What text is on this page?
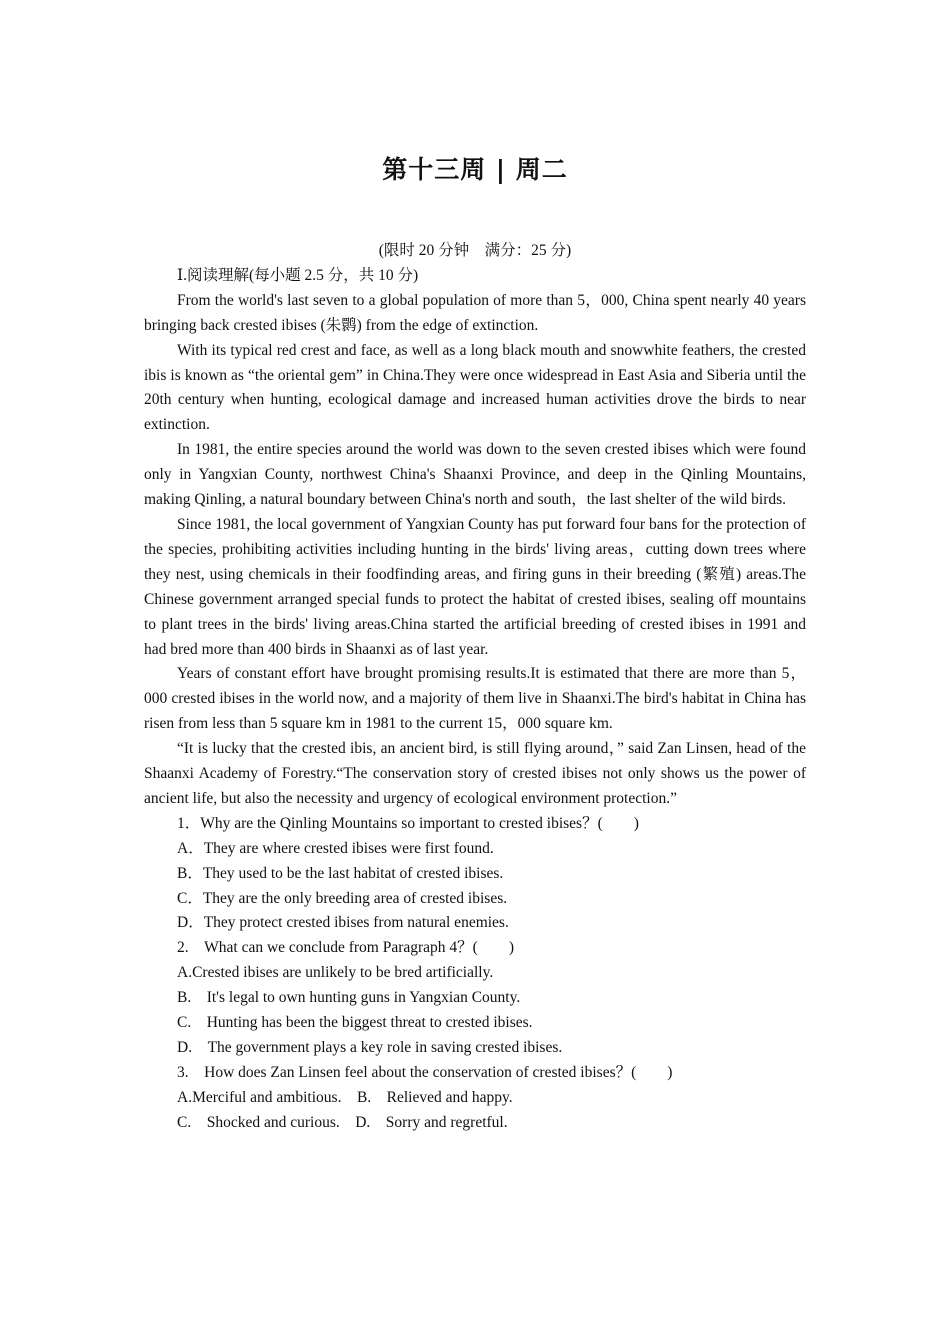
第十三周 | 周二

(限时 20 分钟　满分：25 分)

Ⅰ.阅读理解(每小题 2.5 分，共 10 分)

From the world's last seven to a global population of more than 5，000, China spent nearly 40 years bringing back crested ibises (朱鹮) from the edge of extinction.

With its typical red crest and face, as well as a long black mouth and snowwhite feathers, the crested ibis is known as “the oriental gem” in China.They were once widespread in East Asia and Siberia until the 20th century when hunting, ecological damage and increased human activities drove the birds to near extinction.

In 1981, the entire species around the world was down to the seven crested ibises which were found only in Yangxian County, northwest China's Shaanxi Province, and deep in the Qinling Mountains, making Qinling, a natural boundary between China's north and south，the last shelter of the wild birds.

Since 1981, the local government of Yangxian County has put forward four bans for the protection of the species, prohibiting activities including hunting in the birds' living areas，cutting down trees where they nest, using chemicals in their foodfinding areas, and firing guns in their breeding (繁殖) areas.The Chinese government arranged special funds to protect the habitat of crested ibises, sealing off mountains to plant trees in the birds' living areas.China started the artificial breeding of crested ibises in 1991 and had bred more than 400 birds in Shaanxi as of last year.

Years of constant effort have brought promising results.It is estimated that there are more than 5，000 crested ibises in the world now, and a majority of them live in Shaanxi.The bird's habitat in China has risen from less than 5 square km in 1981 to the current 15，000 square km.

“It is lucky that the crested ibis, an ancient bird, is still flying around，” said Zan Linsen, head of the Shaanxi Academy of Forestry.“The conservation story of crested ibises not only shows us the power of ancient life, but also the necessity and urgency of ecological environment protection.”

1．Why are the Qinling Mountains so important to crested ibises？(　　)

A．They are where crested ibises were first found.

B．They used to be the last habitat of crested ibises.

C．They are the only breeding area of crested ibises.

D．They protect crested ibises from natural enemies.

2.　What can we conclude from Paragraph 4？(　　)

A.Crested ibises are unlikely to be bred artificially.

B.　It's legal to own hunting guns in Yangxian County.

C.　Hunting has been the biggest threat to crested ibises.

D.　The government plays a key role in saving crested ibises.

3.　How does Zan Linsen feel about the conservation of crested ibises？(　　)

A.Merciful and ambitious.　B.　Relieved and happy.

C.　Shocked and curious.　D.　Sorry and regretful.
